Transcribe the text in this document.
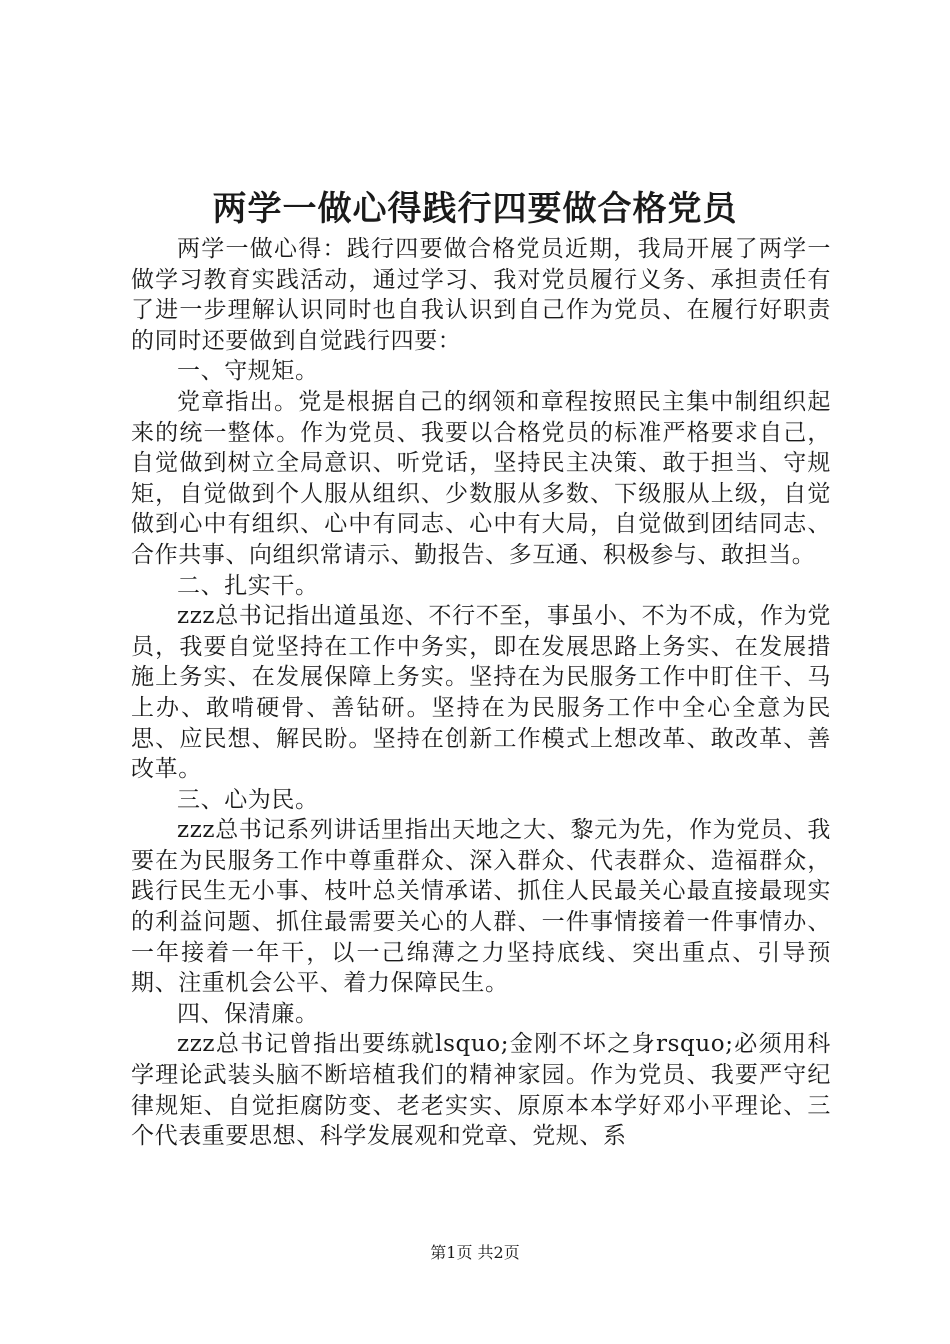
两学一做心得践行四要做合格党员

两学一做心得：践行四要做合格党员近期，我局开展了两学一做学习教育实践活动，通过学习、我对党员履行义务、承担责任有了进一步理解认识同时也自我认识到自己作为党员、在履行好职责的同时还要做到自觉践行四要：

一、守规矩。

党章指出。党是根据自己的纲领和章程按照民主集中制组织起来的统一整体。作为党员、我要以合格党员的标准严格要求自己，自觉做到树立全局意识、听党话，坚持民主决策、敢于担当、守规矩，自觉做到个人服从组织、少数服从多数、下级服从上级，自觉做到心中有组织、心中有同志、心中有大局，自觉做到团结同志、合作共事、向组织常请示、勤报告、多互通、积极参与、敢担当。

二、扎实干。

zzz总书记指出道虽迩、不行不至，事虽小、不为不成，作为党员，我要自觉坚持在工作中务实，即在发展思路上务实、在发展措施上务实、在发展保障上务实。坚持在为民服务工作中盯住干、马上办、敢啃硬骨、善钻研。坚持在为民服务工作中全心全意为民思、应民想、解民盼。坚持在创新工作模式上想改革、敢改革、善改革。

三、心为民。

zzz总书记系列讲话里指出天地之大、黎元为先，作为党员、我要在为民服务工作中尊重群众、深入群众、代表群众、造福群众，践行民生无小事、枝叶总关情承诺、抓住人民最关心最直接最现实的利益问题、抓住最需要关心的人群、一件事情接着一件事情办、一年接着一年干，以一己绵薄之力坚持底线、突出重点、引导预期、注重机会公平、着力保障民生。

四、保清廉。

zzz总书记曾指出要练就lsquo;金刚不坏之身rsquo;必须用科学理论武装头脑不断培植我们的精神家园。作为党员、我要严守纪律规矩、自觉拒腐防变、老老实实、原原本本学好邓小平理论、三个代表重要思想、科学发展观和党章、党规、系

第1页 共2页
